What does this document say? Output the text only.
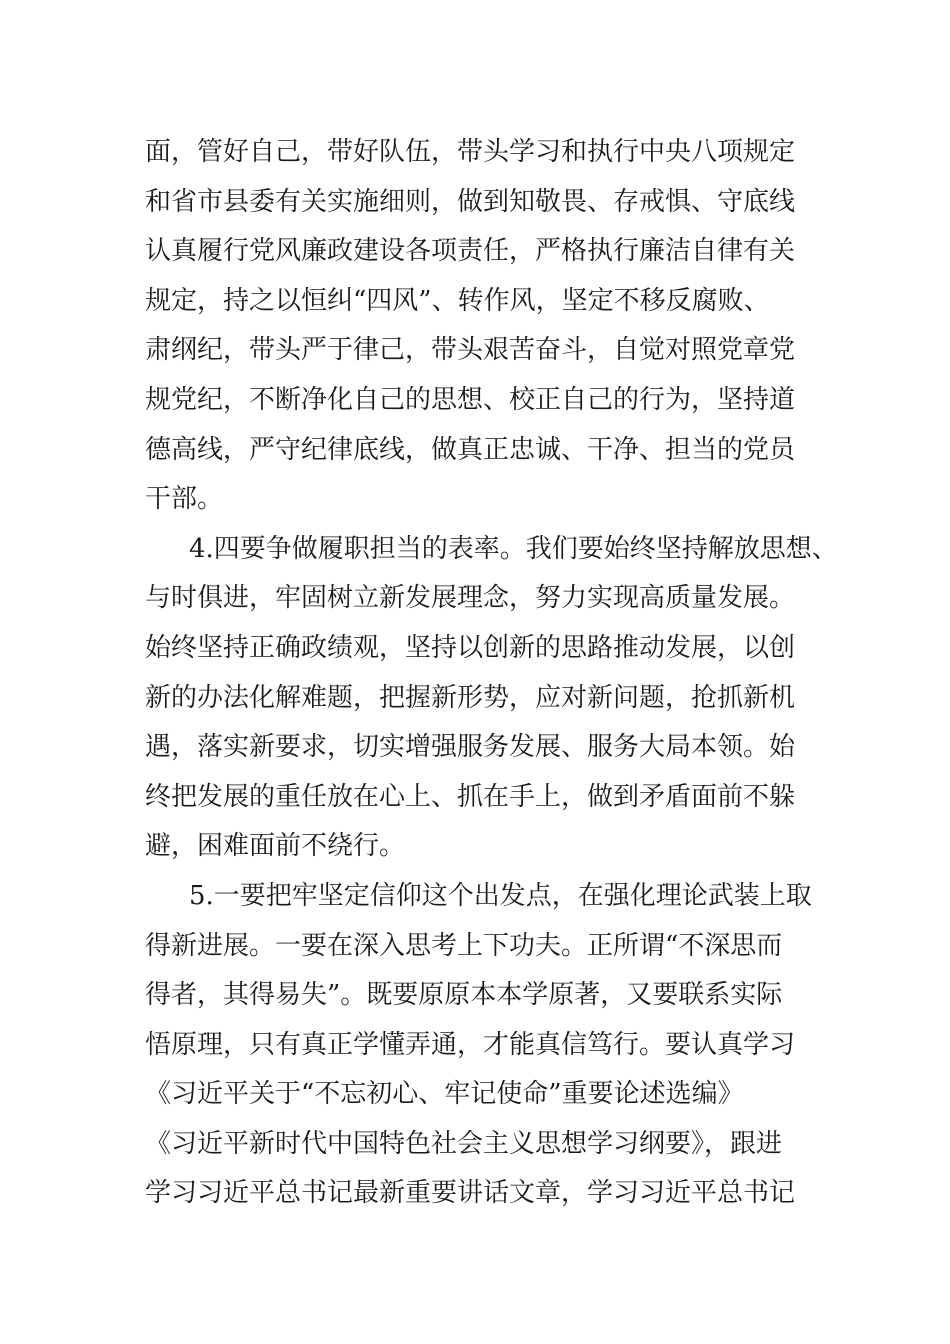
面，管好自己，带好队伍，带头学习和执行中央八项规定
和省市县委有关实施细则，做到知敬畏、存戒惧、守底线
认真履行党风廉政建设各项责任，严格执行廉洁自律有关
规定，持之以恒纠“四风”、转作风，坚定不移反腐败、
肃纲纪，带头严于律己，带头艰苦奋斗，自觉对照党章党
规党纪，不断净化自己的思想、校正自己的行为，坚持道
德高线，严守纪律底线，做真正忠诚、干净、担当的党员
干部。
4.四要争做履职担当的表率。我们要始终坚持解放思想、
与时俱进，牢固树立新发展理念，努力实现高质量发展。
始终坚持正确政绩观，坚持以创新的思路推动发展，以创
新的办法化解难题，把握新形势，应对新问题，抢抓新机
遇，落实新要求，切实增强服务发展、服务大局本领。始
终把发展的重任放在心上、抓在手上，做到矛盾面前不躲
避，困难面前不绕行。
5.一要把牢坚定信仰这个出发点，在强化理论武装上取
得新进展。一要在深入思考上下功夫。正所谓“不深思而
得者，其得易失”。既要原原本本学原著，又要联系实际
悟原理，只有真正学懂弄通，才能真信笃行。要认真学习
《习近平关于“不忘初心、牢记使命”重要论述选编》
《习近平新时代中国特色社会主义思想学习纲要》，跟进
学习习近平总书记最新重要讲话文章，学习习近平总书记
